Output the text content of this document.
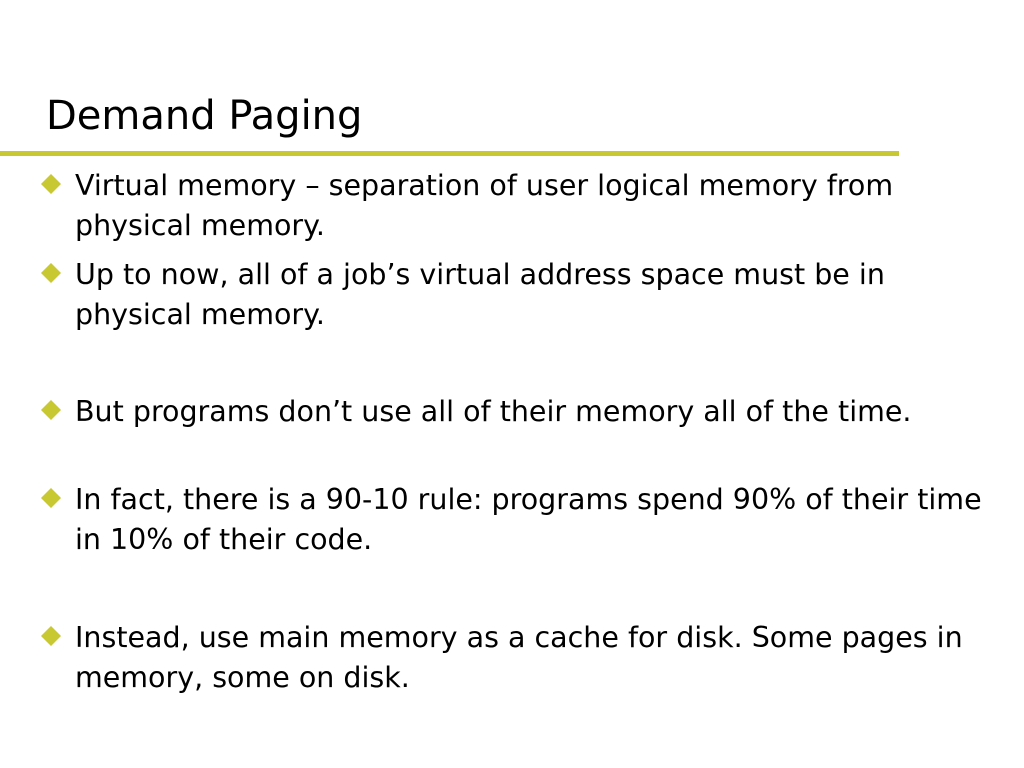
Demand Paging
Virtual memory – separation of user logical memory from physical memory.
Up to now, all of a job’s virtual address space must be in physical memory.
But programs don’t use all of their memory all of the time.
In fact, there is a 90-10 rule: programs spend 90% of their time in 10% of their code.
Instead, use main memory as a cache for disk. Some pages in memory, some on disk.
